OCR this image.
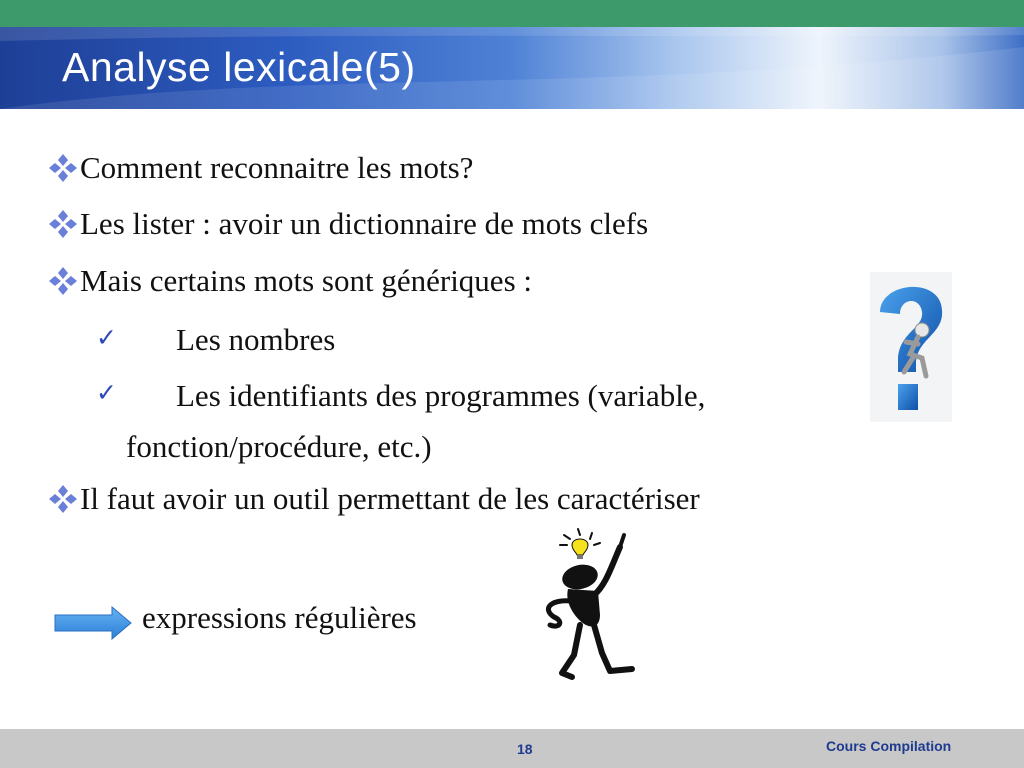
Analyse lexicale(5)
Comment reconnaitre les mots?
Les lister : avoir un dictionnaire de mots clefs
Mais certains mots sont génériques :
✓ Les nombres
✓ Les identifiants des programmes (variable,
fonction/procédure, etc.)
Il faut avoir un outil permettant de les caractériser
expressions régulières
18	Cours Compilation
